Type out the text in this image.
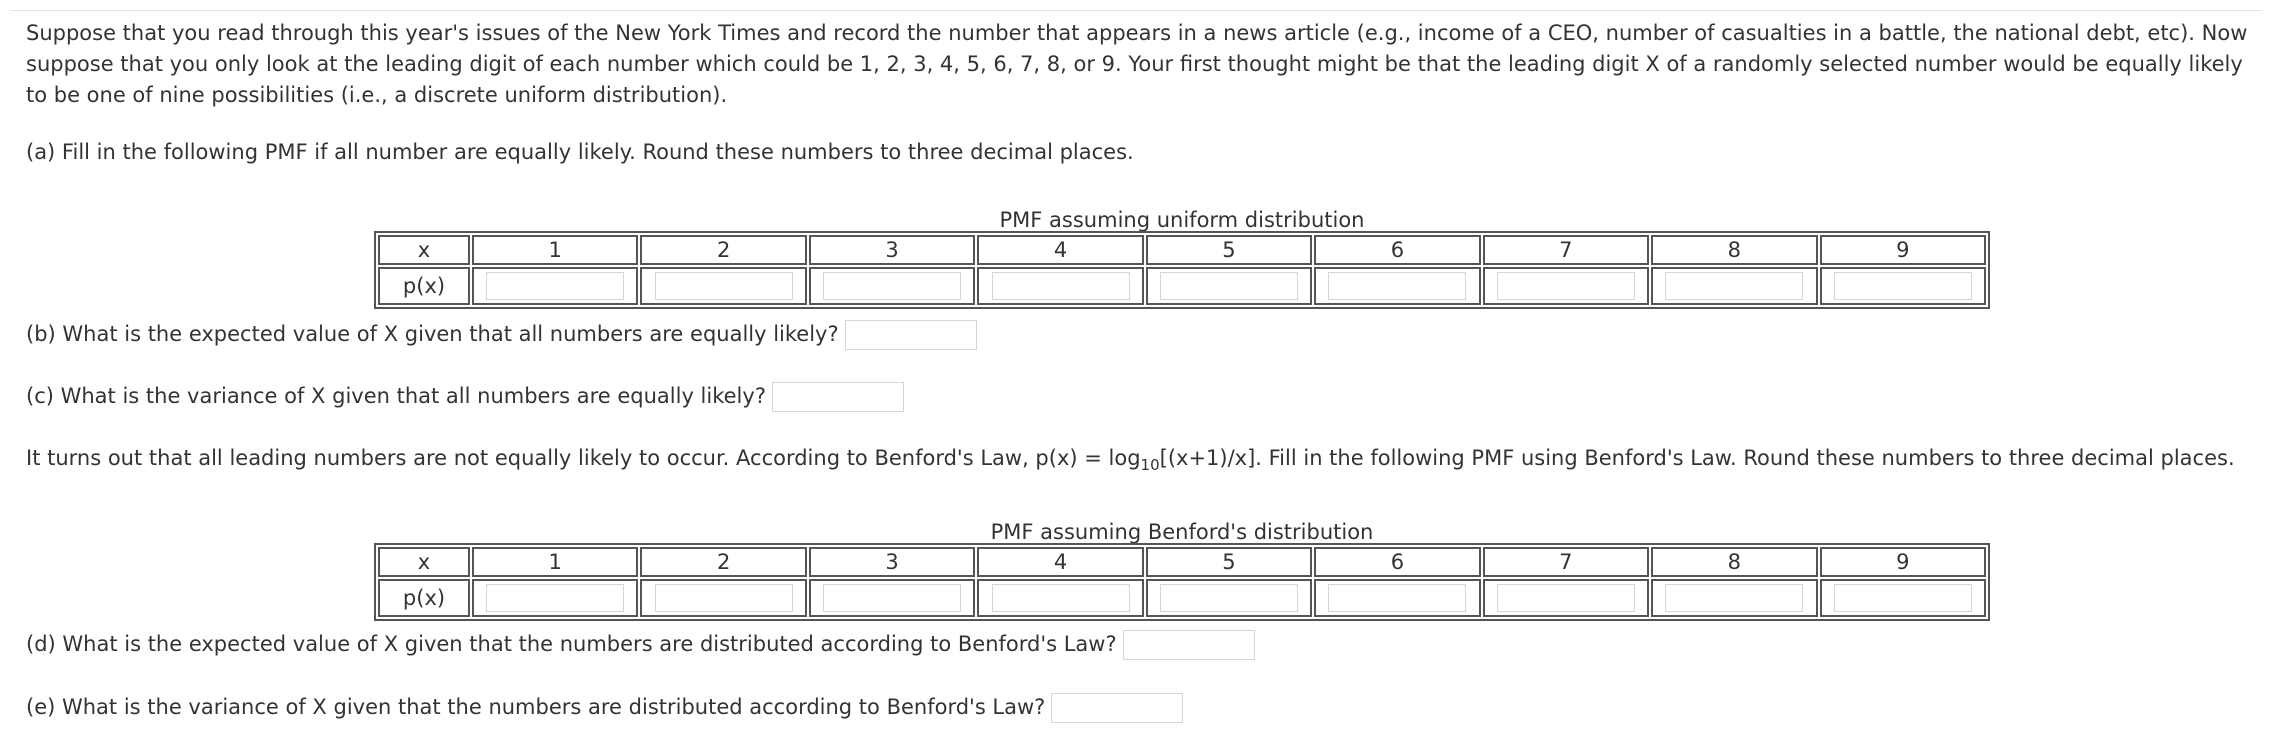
Suppose that you read through this year's issues of the New York Times and record the number that appears in a news article (e.g., income of a CEO, number of casualties in a battle, the national debt, etc). Now suppose that you only look at the leading digit of each number which could be 1, 2, 3, 4, 5, 6, 7, 8, or 9. Your first thought might be that the leading digit X of a randomly selected number would be equally likely to be one of nine possibilities (i.e., a discrete uniform distribution).

(a) Fill in the following PMF if all number are equally likely. Round these numbers to three decimal places.
PMF assuming uniform distribution
x	1	2	3	4	5	6	7	8	9
p(x)									
(b) What is the expected value of X given that all numbers are equally likely?
(c) What is the variance of X given that all numbers are equally likely?
It turns out that all leading numbers are not equally likely to occur. According to Benford's Law, $p(x) = \log_{10}[(x+1)/x]$. Fill in the following PMF using Benford's Law. Round these numbers to three decimal places.
PMF assuming Benford's distribution
x	1	2	3	4	5	6	7	8	9
p(x)									
(d) What is the expected value of X given that the numbers are distributed according to Benford's Law?
(e) What is the variance of X given that the numbers are distributed according to Benford's Law?
